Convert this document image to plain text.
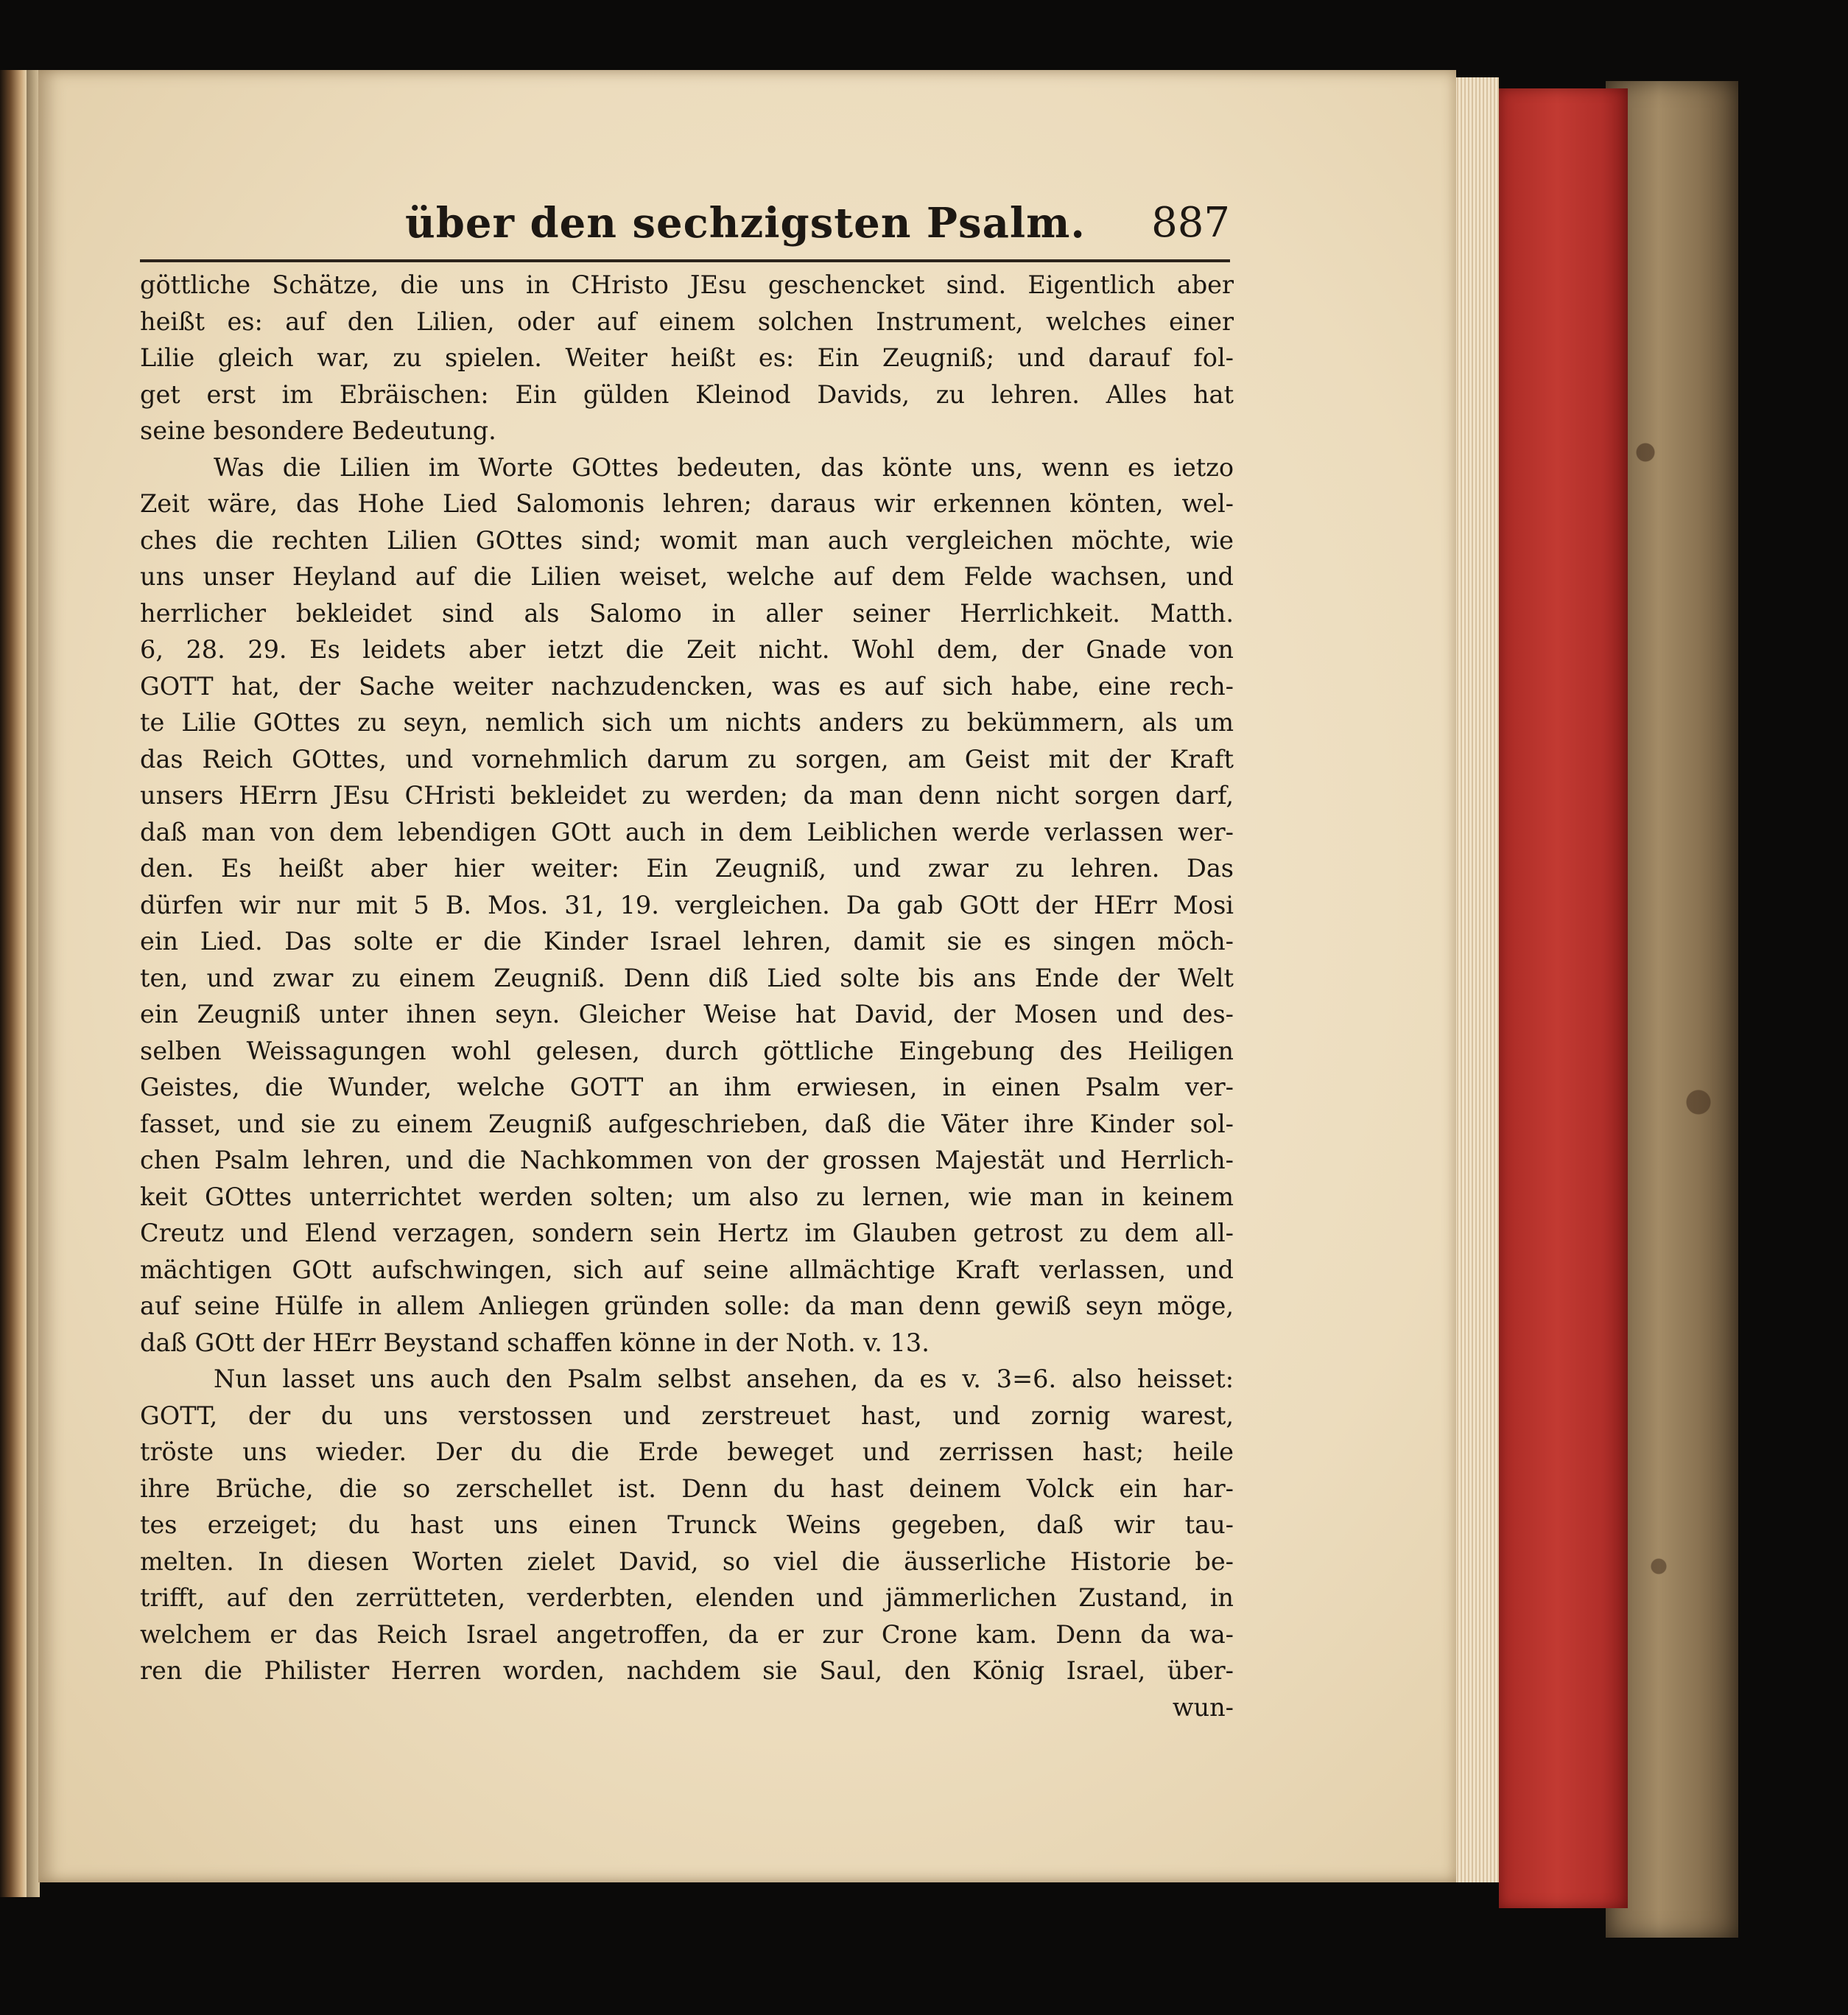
über den sechzigsten Psalm. 887

göttliche Schätze, die uns in CHristo JEsu geschencket sind. Eigentlich aber
heißt es: auf den Lilien, oder auf einem solchen Instrument, welches einer
Lilie gleich war, zu spielen. Weiter heißt es: Ein Zeugniß; und darauf fol-
get erst im Ebräischen: Ein gülden Kleinod Davids, zu lehren. Alles hat
seine besondere Bedeutung.

Was die Lilien im Worte GOttes bedeuten, das könte uns, wenn es ietzo
Zeit wäre, das Hohe Lied Salomonis lehren; daraus wir erkennen könten, wel-
ches die rechten Lilien GOttes sind; womit man auch vergleichen möchte, wie
uns unser Heyland auf die Lilien weiset, welche auf dem Felde wachsen, und
herrlicher bekleidet sind als Salomo in aller seiner Herrlichkeit. Matth.
6, 28. 29. Es leidets aber ietzt die Zeit nicht. Wohl dem, der Gnade von
GOTT hat, der Sache weiter nachzudencken, was es auf sich habe, eine rech-
te Lilie GOttes zu seyn, nemlich sich um nichts anders zu bekümmern, als um
das Reich GOttes, und vornehmlich darum zu sorgen, am Geist mit der Kraft
unsers HErrn JEsu CHristi bekleidet zu werden; da man denn nicht sorgen darf,
daß man von dem lebendigen GOtt auch in dem Leiblichen werde verlassen wer-
den. Es heißt aber hier weiter: Ein Zeugniß, und zwar zu lehren. Das
dürfen wir nur mit 5 B. Mos. 31, 19. vergleichen. Da gab GOtt der HErr Mosi
ein Lied. Das solte er die Kinder Israel lehren, damit sie es singen möch-
ten, und zwar zu einem Zeugniß. Denn diß Lied solte bis ans Ende der Welt
ein Zeugniß unter ihnen seyn. Gleicher Weise hat David, der Mosen und des-
selben Weissagungen wohl gelesen, durch göttliche Eingebung des Heiligen
Geistes, die Wunder, welche GOTT an ihm erwiesen, in einen Psalm ver-
fasset, und sie zu einem Zeugniß aufgeschrieben, daß die Väter ihre Kinder sol-
chen Psalm lehren, und die Nachkommen von der grossen Majestät und Herrlich-
keit GOttes unterrichtet werden solten; um also zu lernen, wie man in keinem
Creutz und Elend verzagen, sondern sein Hertz im Glauben getrost zu dem all-
mächtigen GOtt aufschwingen, sich auf seine allmächtige Kraft verlassen, und
auf seine Hülfe in allem Anliegen gründen solle: da man denn gewiß seyn möge,
daß GOtt der HErr Beystand schaffen könne in der Noth. v. 13.

Nun lasset uns auch den Psalm selbst ansehen, da es v. 3=6. also heisset:
GOTT, der du uns verstossen und zerstreuet hast, und zornig warest,
tröste uns wieder. Der du die Erde beweget und zerrissen hast; heile
ihre Brüche, die so zerschellet ist. Denn du hast deinem Volck ein har-
tes erzeiget; du hast uns einen Trunck Weins gegeben, daß wir tau-
melten. In diesen Worten zielet David, so viel die äusserliche Historie be-
trifft, auf den zerrütteten, verderbten, elenden und jämmerlichen Zustand, in
welchem er das Reich Israel angetroffen, da er zur Crone kam. Denn da wa-
ren die Philister Herren worden, nachdem sie Saul, den König Israel, über-

wun-
